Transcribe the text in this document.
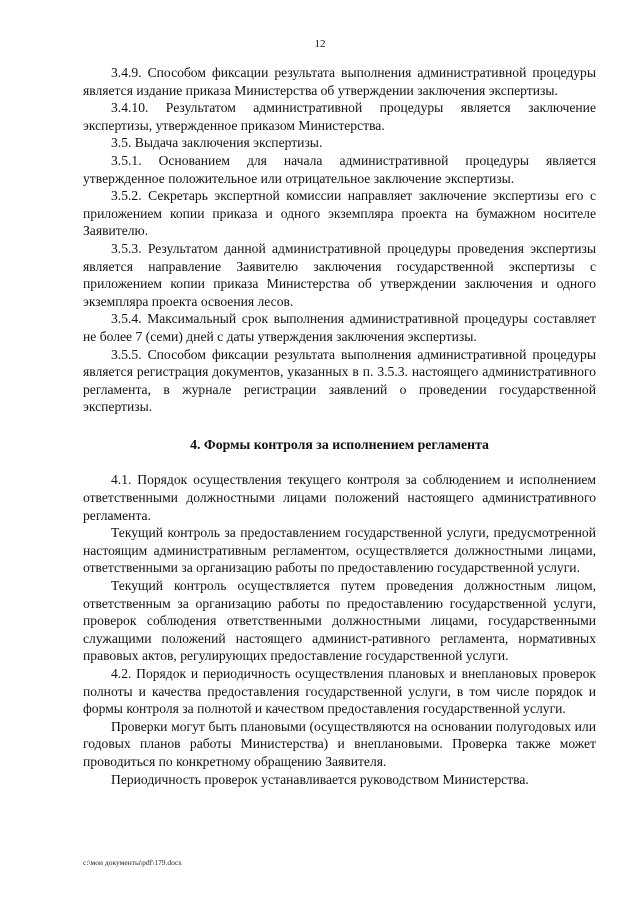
12

3.4.9. Способом фиксации результата выполнения административной процедуры является издание приказа Министерства об утверждении заключения экспертизы.

3.4.10. Результатом административной процедуры является заключение экспертизы, утвержденное приказом Министерства.

3.5. Выдача заключения экспертизы.

3.5.1. Основанием для начала административной процедуры является утвержденное положительное или отрицательное заключение экспертизы.

3.5.2. Секретарь экспертной комиссии направляет заключение экспертизы его с приложением копии приказа и одного экземпляра проекта на бумажном носителе Заявителю.

3.5.3. Результатом данной административной процедуры проведения экспертизы является направление Заявителю заключения государственной экспертизы с приложением копии приказа Министерства об утверждении заключения и одного экземпляра проекта освоения лесов.

3.5.4. Максимальный срок выполнения административной процедуры составляет не более 7 (семи) дней с даты утверждения заключения экспертизы.

3.5.5. Способом фиксации результата выполнения административной процедуры является регистрация документов, указанных в п. 3.5.3. настоящего административного регламента, в журнале регистрации заявлений о проведении государственной экспертизы.

4. Формы контроля за исполнением регламента

4.1. Порядок осуществления текущего контроля за соблюдением и исполнением ответственными должностными лицами положений настоящего административного регламента.

Текущий контроль за предоставлением государственной услуги, предусмотренной настоящим административным регламентом, осуществляется должностными лицами, ответственными за организацию работы по предоставлению государственной услуги.

Текущий контроль осуществляется путем проведения должностным лицом, ответственным за организацию работы по предоставлению государственной услуги, проверок соблюдения ответственными должностными лицами, государственными служащими положений настоящего админист-ративного регламента, нормативных правовых актов, регулирующих предоставление государственной услуги.

4.2. Порядок и периодичность осуществления плановых и внеплановых проверок полноты и качества предоставления государственной услуги, в том числе порядок и формы контроля за полнотой и качеством предоставления государственной услуги.

Проверки могут быть плановыми (осуществляются на основании полугодовых или годовых планов работы Министерства) и внеплановыми. Проверка также может проводиться по конкретному обращению Заявителя.

Периодичность проверок устанавливается руководством Министерства.

с:\мои документы\pdf\179.docx
